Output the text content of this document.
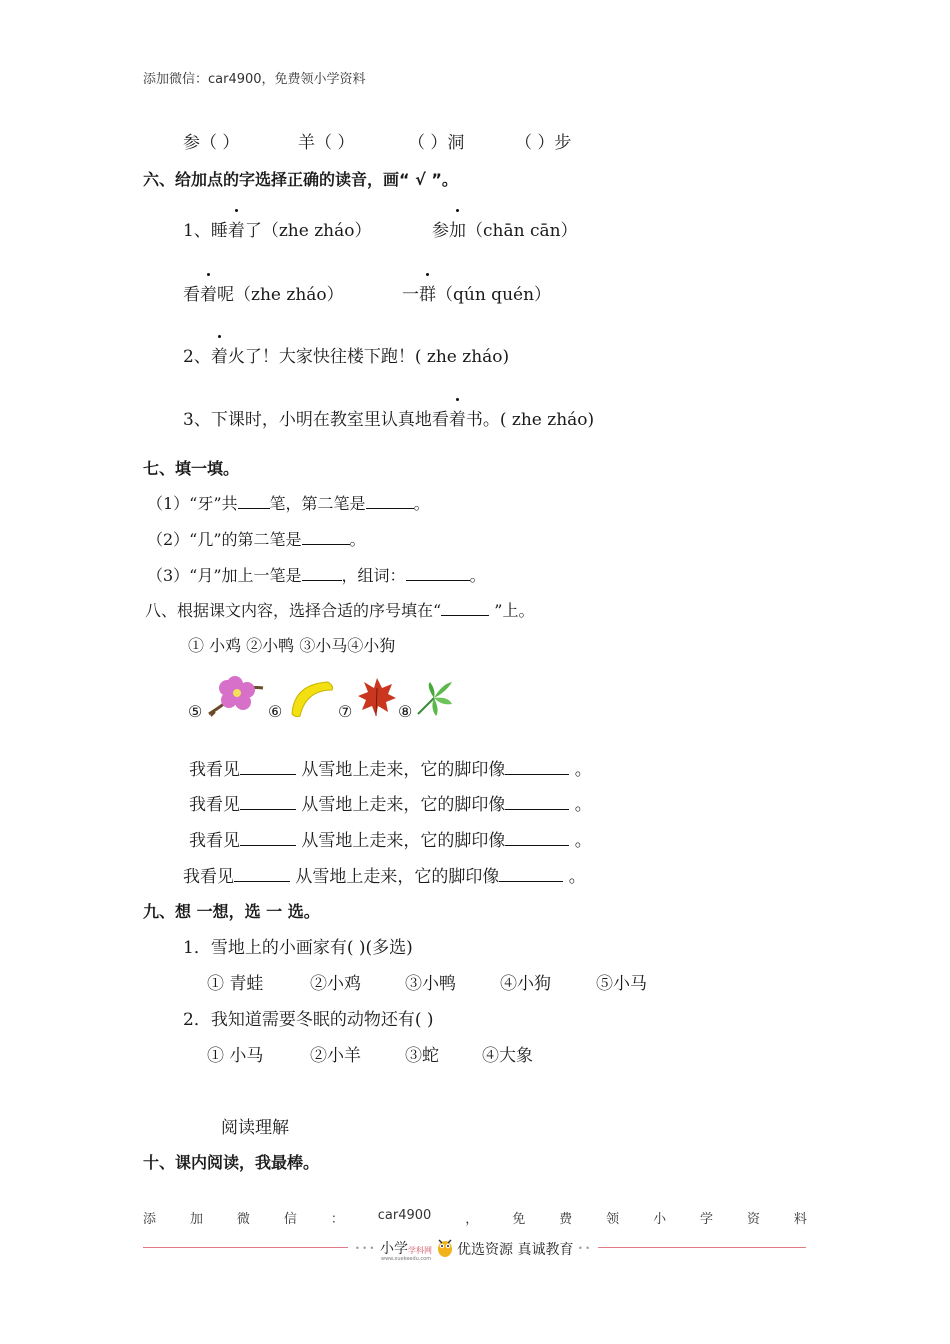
添加微信：car4900，免费领小学资料
参（ ）	羊（ ）	（ ）洞	（ ）步
六、给加点的字选择正确的读音，画“ √ ”。
1、睡着了（zhe zháo）	参加（chān cān）
看着呢（zhe zháo）	一群（qún quén）
2、着火了！大家快往楼下跑！( zhe zháo)
3、下课时，小明在教室里认真地看着书。( zhe zháo)
七、填一填。
（1）“牙”共 笔，第二笔是	。
（2）“几”的第二笔是	。
（3）“月”加上一笔是	，组词：	。
八、根据课文内容，选择合适的序号填在“	”上。
① 小鸡 ②小鸭 ③小马④小狗
⑤	⑥	⑦	⑧
我看见	从雪地上走来，它的脚印像	。
我看见	从雪地上走来，它的脚印像	。
我看见	从雪地上走来，它的脚印像	。
我看见	从雪地上走来，它的脚印像	。
九、想 一想，选 一 选。
1．雪地上的小画家有( )(多选)
① 青蛙	②小鸡	③小鸭	④小狗	⑤小马
2．我知道需要冬眠的动物还有( )
① 小马	②小羊	③蛇	④大象
阅读理解
十、课内阅读，我最棒。
添	加	微	信	：	car4900	，	免	费	领	小	学	资	料
• • • 小学学科网
www.xuekeedu.com
优选资源 真诚教育 • •
